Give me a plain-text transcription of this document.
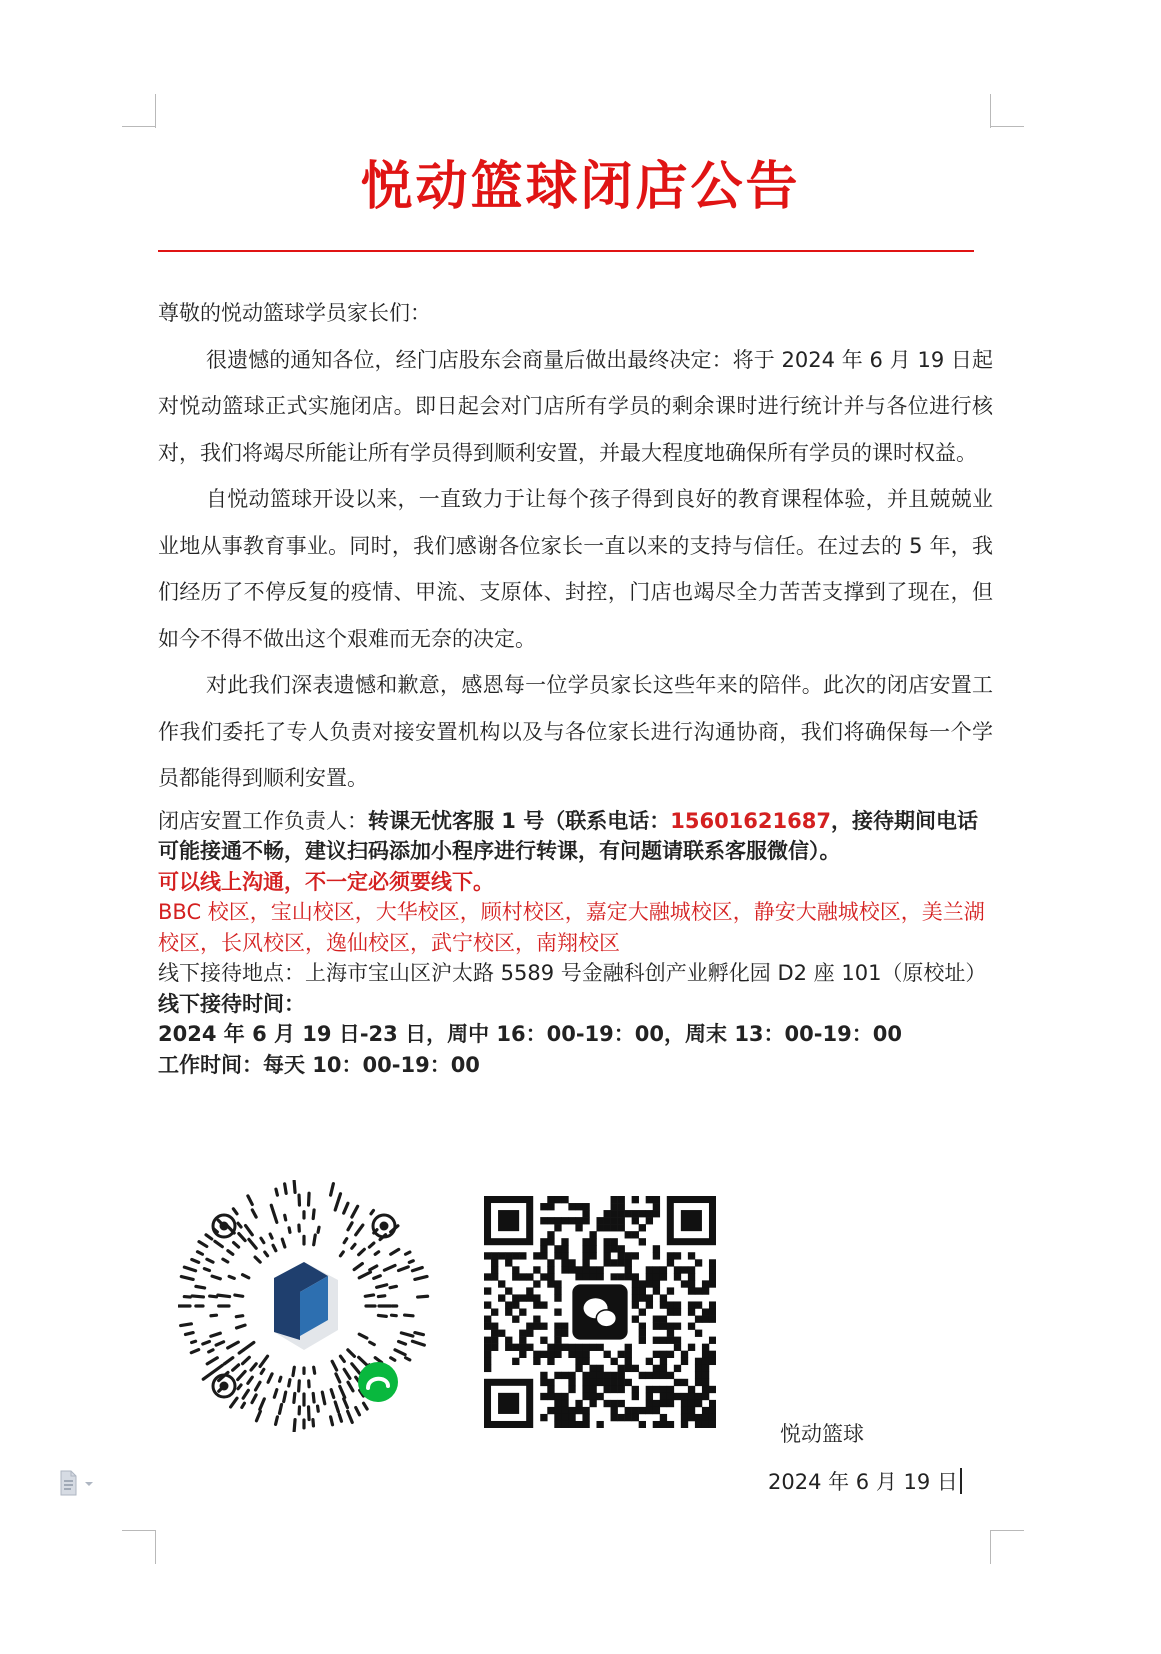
悦动篮球闭店公告

尊敬的悦动篮球学员家长们：

很遗憾的通知各位，经门店股东会商量后做出最终决定：将于 2024 年 6 月 19 日起对悦动篮球正式实施闭店。即日起会对门店所有学员的剩余课时进行统计并与各位进行核对，我们将竭尽所能让所有学员得到顺利安置，并最大程度地确保所有学员的课时权益。

自悦动篮球开设以来，一直致力于让每个孩子得到良好的教育课程体验，并且兢兢业业地从事教育事业。同时，我们感谢各位家长一直以来的支持与信任。在过去的 5 年，我们经历了不停反复的疫情、甲流、支原体、封控，门店也竭尽全力苦苦支撑到了现在，但如今不得不做出这个艰难而无奈的决定。

对此我们深表遗憾和歉意，感恩每一位学员家长这些年来的陪伴。此次的闭店安置工作我们委托了专人负责对接安置机构以及与各位家长进行沟通协商，我们将确保每一个学员都能得到顺利安置。

闭店安置工作负责人：转课无忧客服 1 号（联系电话：15601621687，接待期间电话可能接通不畅，建议扫码添加小程序进行转课，有问题请联系客服微信）。
可以线上沟通，不一定必须要线下。
BBC 校区，宝山校区，大华校区，顾村校区，嘉定大融城校区，静安大融城校区，美兰湖校区，长风校区，逸仙校区，武宁校区，南翔校区
线下接待地点：上海市宝山区沪太路 5589 号金融科创产业孵化园 D2 座 101（原校址）
线下接待时间：
2024 年 6 月 19 日-23 日，周中 16：00-19：00，周末 13：00-19：00
工作时间：每天 10：00-19：00
悦动篮球
2024 年 6 月 19 日
